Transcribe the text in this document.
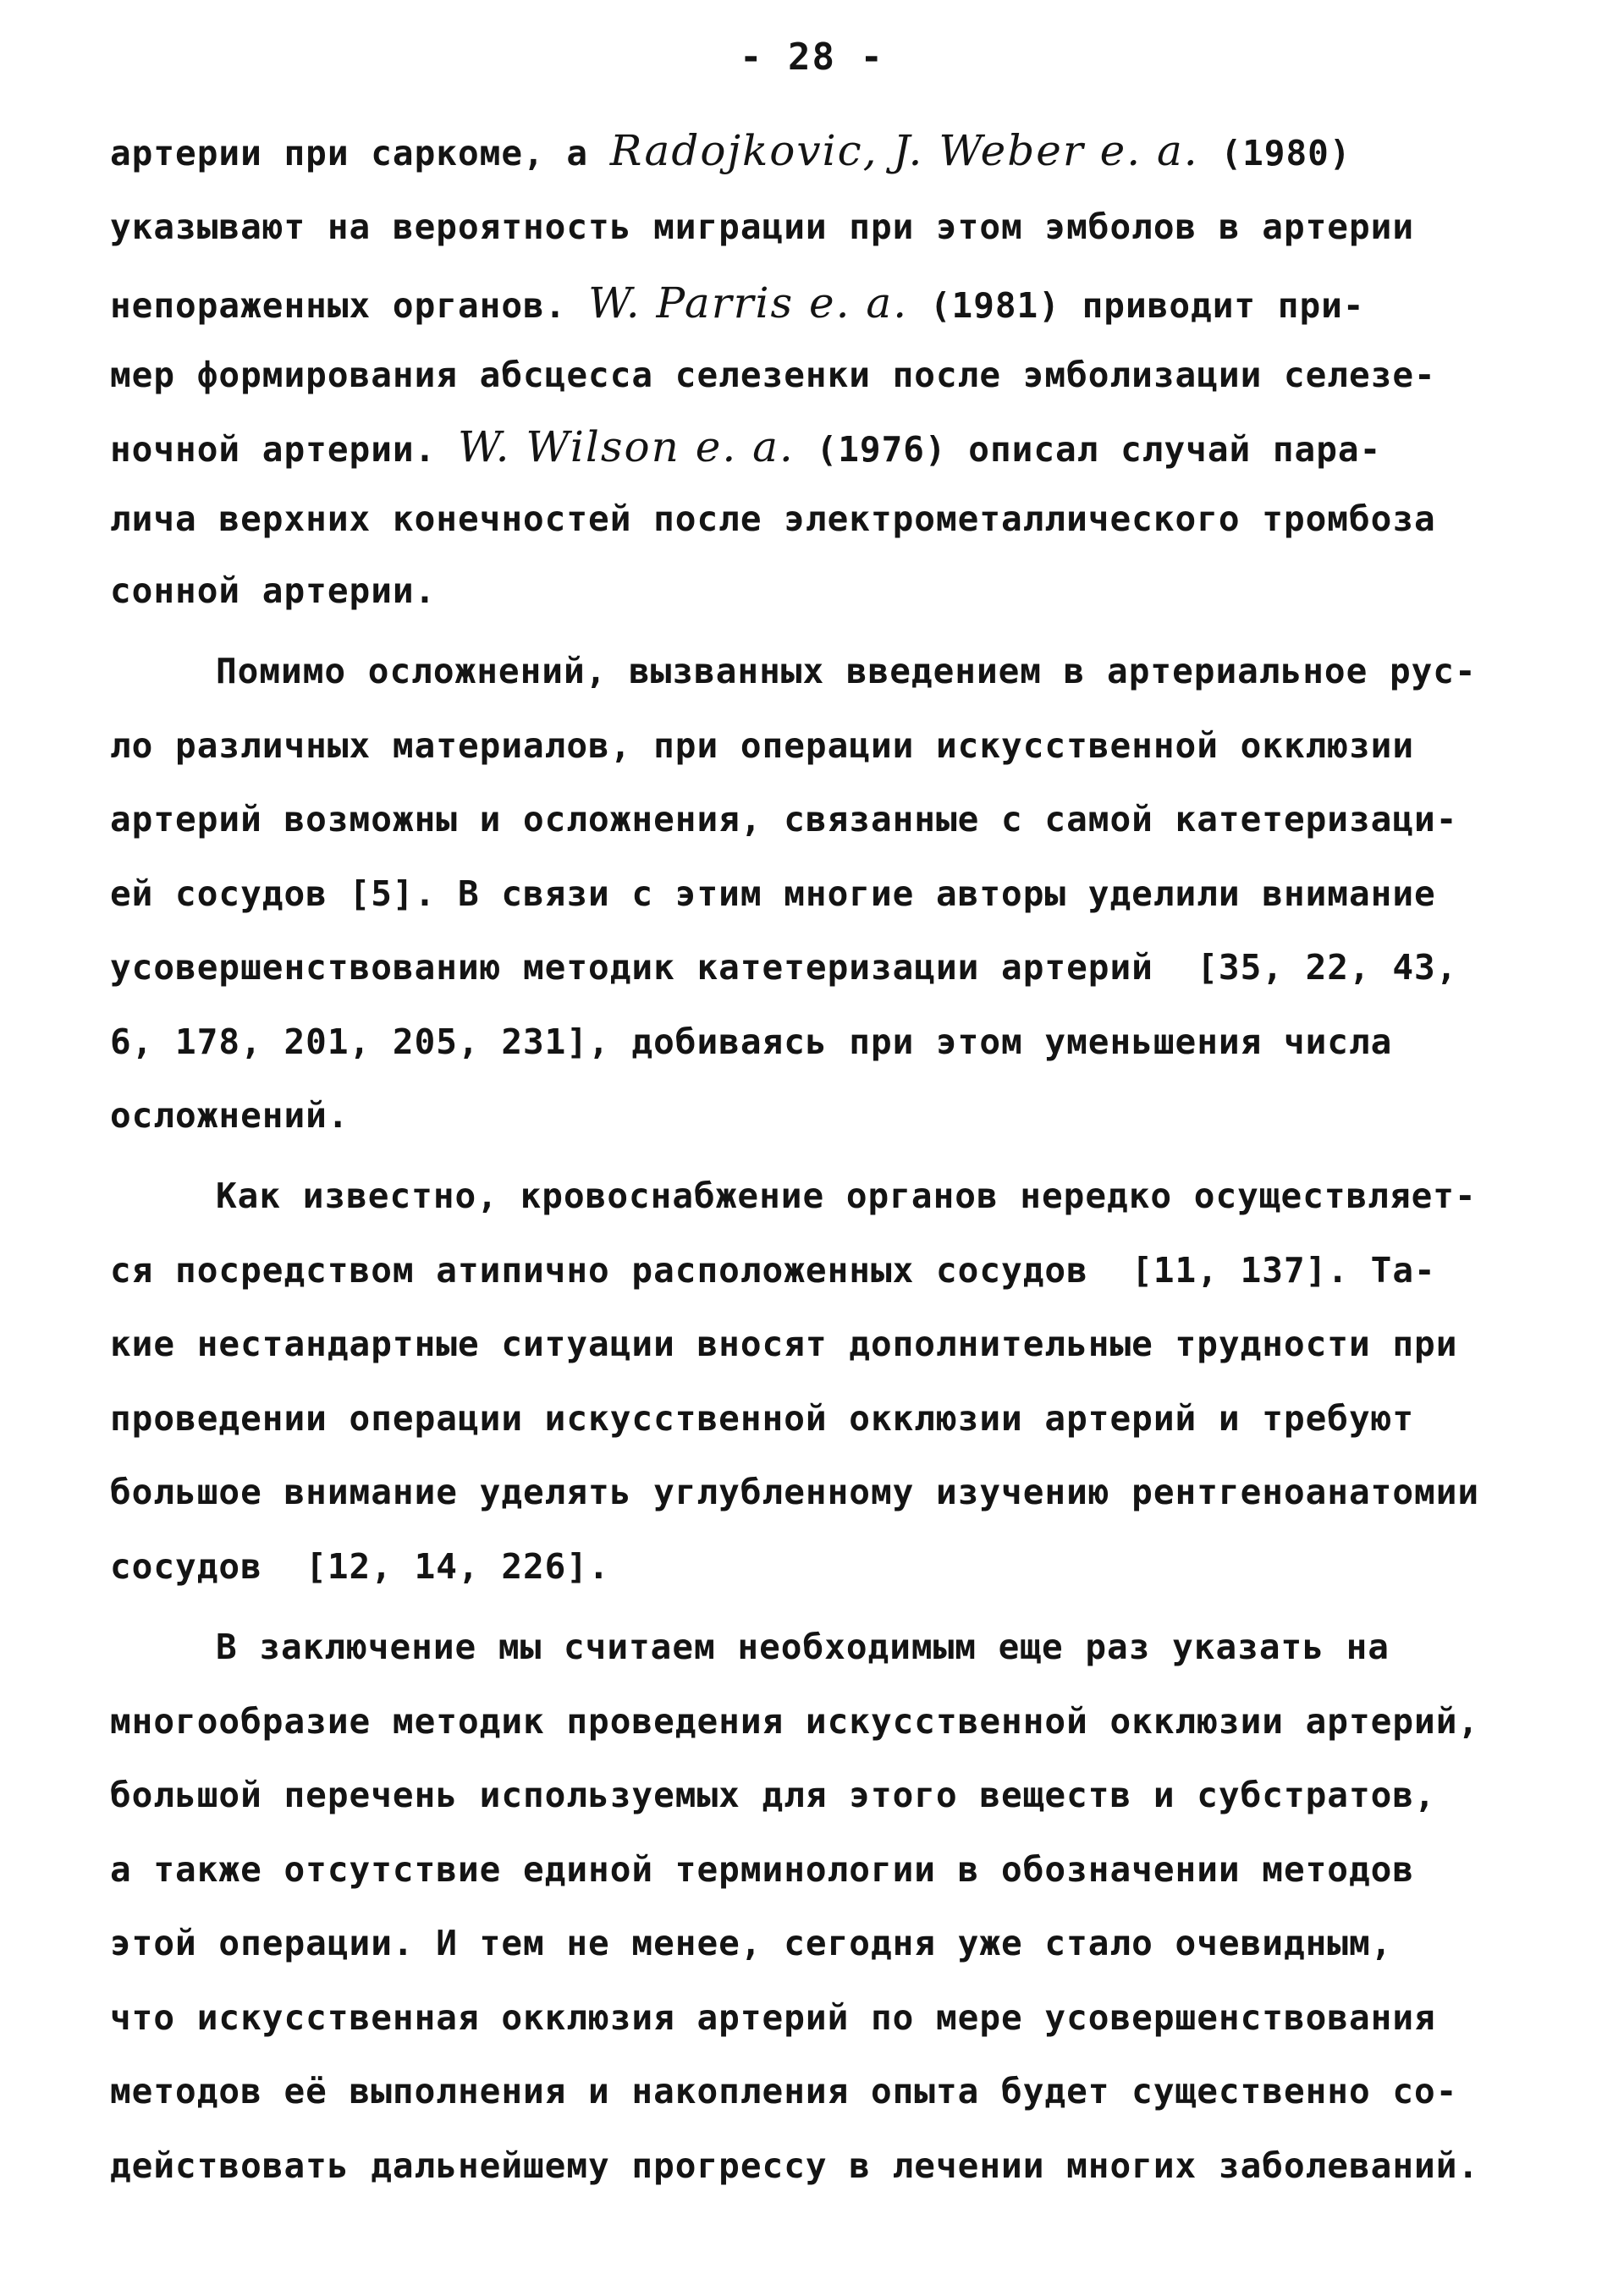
- 28 -
артерии при саркоме, а Radojkovic, J. Weber e. a. (1980)
указывают на вероятность миграции при этом эмболов в артерии
непораженных органов. W. Parris e. a. (1981) приводит при-
мер формирования абсцесса селезенки после эмболизации селезе-
ночной артерии. W. Wilson e. a. (1976) описал случай пара-
лича верхних конечностей после электрометаллического тромбоза
сонной артерии.
Помимо осложнений, вызванных введением в артериальное рус-
ло различных материалов, при операции искусственной окклюзии
артерий возможны и осложнения, связанные с самой катетеризаци-
ей сосудов [5]. В связи с этим многие авторы уделили внимание
усовершенствованию методик катетеризации артерий  [35, 22, 43,
6, 178, 201, 205, 231], добиваясь при этом уменьшения числа
осложнений.
Как известно, кровоснабжение органов нередко осуществляет-
ся посредством атипично расположенных сосудов  [11, 137]. Та-
кие нестандартные ситуации вносят дополнительные трудности при
проведении операции искусственной окклюзии артерий и требуют
большое внимание уделять углубленному изучению рентгеноанатомии
сосудов  [12, 14, 226].
В заключение мы считаем необходимым еще раз указать на
многообразие методик проведения искусственной окклюзии артерий,
большой перечень используемых для этого веществ и субстратов,
а также отсутствие единой терминологии в обозначении методов
этой операции. И тем не менее, сегодня уже стало очевидным,
что искусственная окклюзия артерий по мере усовершенствования
методов её выполнения и накопления опыта будет существенно со-
действовать дальнейшему прогрессу в лечении многих заболеваний.
